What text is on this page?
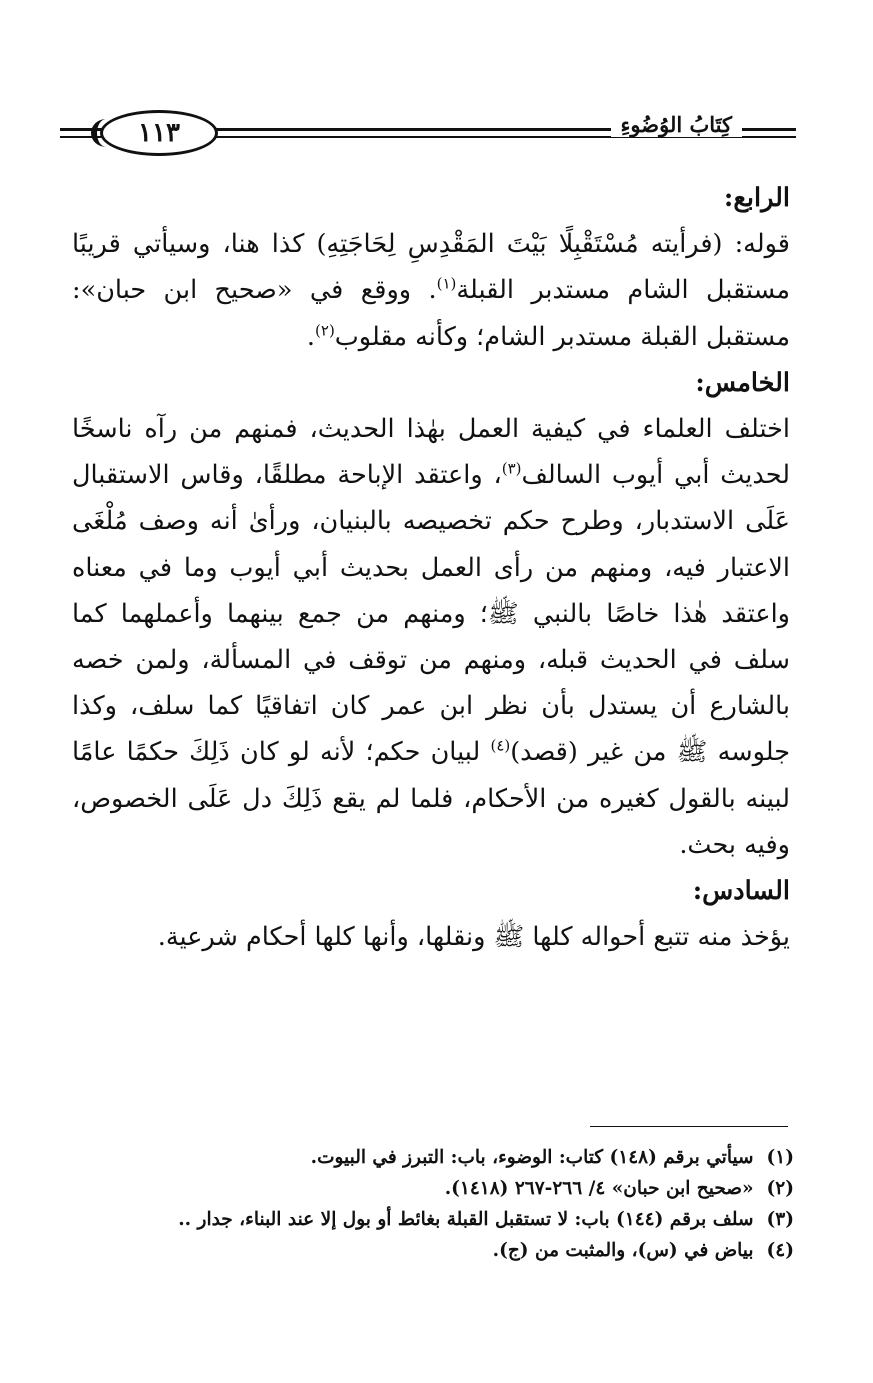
١١٣	كِتَابُ الوُضُوءِ

الرابع:

قوله: (فرأيته مُسْتَقْبِلًا بَيْتَ المَقْدِسِ لِحَاجَتِهِ) كذا هنا، وسيأتي قريبًا مستقبل الشام مستدبر القبلة$^{(١)}$. ووقع في «صحيح ابن حبان»: مستقبل القبلة مستدبر الشام؛ وكأنه مقلوب$^{(٢)}$.

الخامس:

اختلف العلماء في كيفية العمل بهٰذا الحديث، فمنهم من رآه ناسخًا لحديث أبي أيوب السالف$^{(٣)}$، واعتقد الإباحة مطلقًا، وقاس الاستقبال عَلَى الاستدبار، وطرح حكم تخصيصه بالبنيان، ورأىٰ أنه وصف مُلْغَى الاعتبار فيه، ومنهم من رأى العمل بحديث أبي أيوب وما في معناه واعتقد هٰذا خاصًا بالنبي ﷺ؛ ومنهم من جمع بينهما وأعملهما كما سلف في الحديث قبله، ومنهم من توقف في المسألة، ولمن خصه بالشارع أن يستدل بأن نظر ابن عمر كان اتفاقيًا كما سلف، وكذا جلوسه ﷺ من غير (قصد)$^{(٤)}$ لبيان حكم؛ لأنه لو كان ذَلِكَ حكمًا عامًا لبينه بالقول كغيره من الأحكام، فلما لم يقع ذَلِكَ دل عَلَى الخصوص، وفيه بحث.

السادس:

يؤخذ منه تتبع أحواله كلها ﷺ ونقلها، وأنها كلها أحكام شرعية.

(١) سيأتي برقم (١٤٨) كتاب: الوضوء، باب: التبرز في البيوت.
(٢) «صحيح ابن حبان» ٤/ ٢٦٦-٢٦٧ (١٤١٨).
(٣) سلف برقم (١٤٤) باب: لا تستقبل القبلة بغائط أو بول إلا عند البناء، جدار ..
(٤) بياض في (س)، والمثبت من (ج).
